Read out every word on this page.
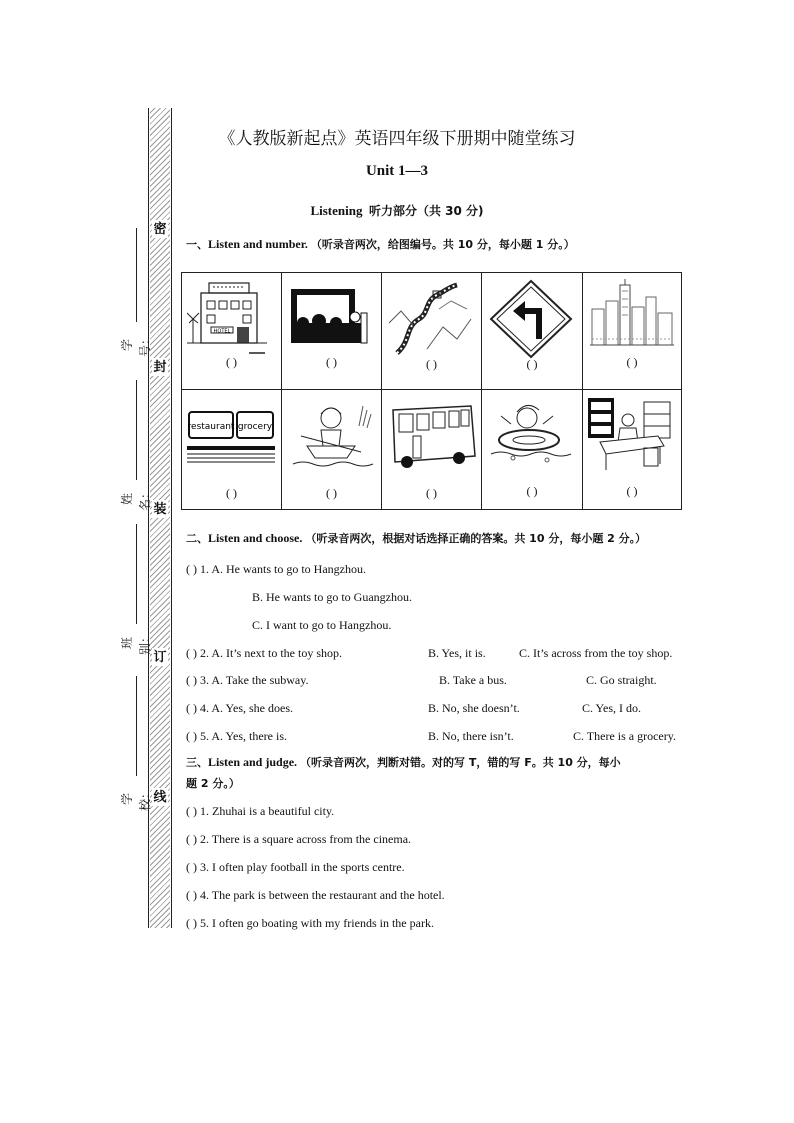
密
封
装
订
线
学号：
姓名：
班别：
学校：
《人教版新起点》英语四年级下册期中随堂练习
Unit 1—3
Listening 听力部分（共 30 分)
一、Listen and number. （听录音两次，给图编号。共 10 分，每小题 1 分。）
HOTEL
( )	( )	( )	( )	( )
restaurant grocery
( )	( )	( )	( )	( )
二、Listen and choose. （听录音两次，根据对话选择正确的答案。共 10 分，每小题 2 分。）
( ) 1. A. He wants to go to Hangzhou.
B. He wants to go to Guangzhou.
C. I want to go to Hangzhou.
( ) 2. A. It’s next to the toy shop.	B. Yes, it is.	C. It’s across from the toy shop.
( ) 3. A. Take the subway.	B. Take a bus.	C. Go straight.
( ) 4. A. Yes, she does.	B. No, she doesn’t.	C. Yes, I do.
( ) 5. A. Yes, there is.	B. No, there isn’t.	C. There is a grocery.
三、Listen and judge. （听录音两次，判断对错。对的写 T，错的写 F。共 10 分，每小
题 2 分。）
( ) 1. Zhuhai is a beautiful city.
( ) 2. There is a square across from the cinema.
( ) 3. I often play football in the sports centre.
( ) 4. The park is between the restaurant and the hotel.
( ) 5. I often go boating with my friends in the park.
